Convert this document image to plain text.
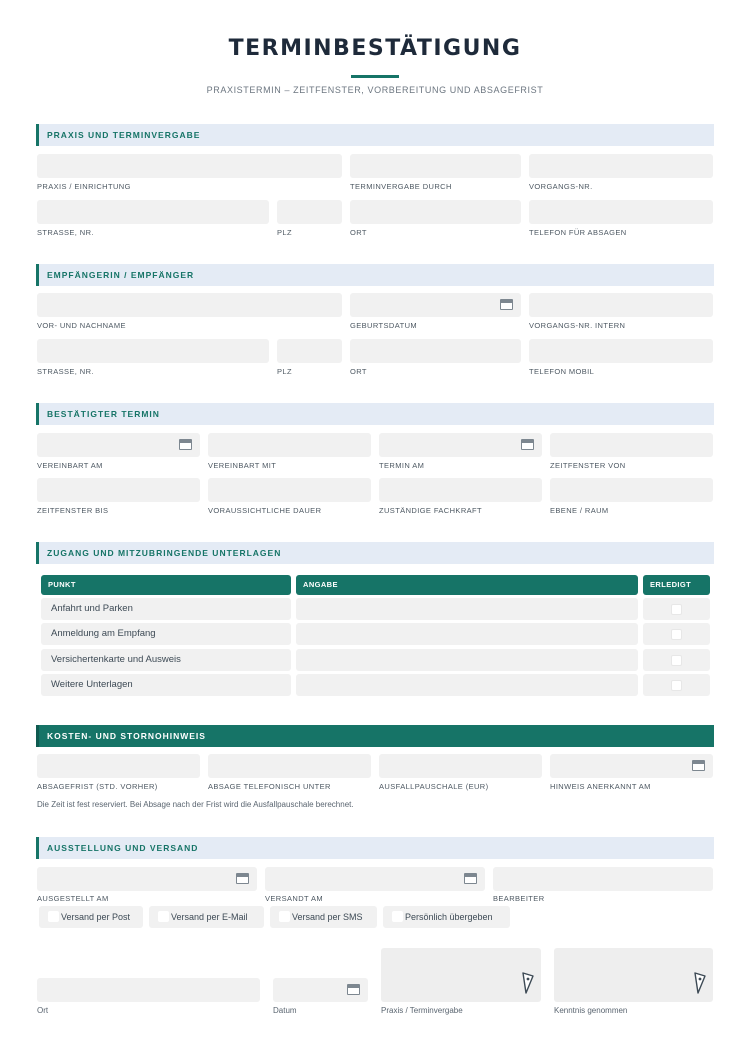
TERMINBESTÄTIGUNG
PRAXISTERMIN – ZEITFENSTER, VORBEREITUNG UND ABSAGEFRIST
PRAXIS UND TERMINVERGABE
PRAXIS / EINRICHTUNG	TERMINVERGABE DURCH	VORGANGS-NR.
STRASSE, NR.	PLZ	ORT	TELEFON FÜR ABSAGEN
EMPFÄNGERIN / EMPFÄNGER
VOR- UND NACHNAME	GEBURTSDATUM	VORGANGS-NR. INTERN
STRASSE, NR.	PLZ	ORT	TELEFON MOBIL
BESTÄTIGTER TERMIN
VEREINBART AM	VEREINBART MIT	TERMIN AM	ZEITFENSTER VON
ZEITFENSTER BIS	VORAUSSICHTLICHE DAUER	ZUSTÄNDIGE FACHKRAFT	EBENE / RAUM
ZUGANG UND MITZUBRINGENDE UNTERLAGEN
PUNKT	ANGABE	ERLEDIGT
Anfahrt und Parken
Anmeldung am Empfang
Versichertenkarte und Ausweis
Weitere Unterlagen
KOSTEN- UND STORNOHINWEIS
ABSAGEFRIST (STD. VORHER)	ABSAGE TELEFONISCH UNTER	AUSFALLPAUSCHALE (EUR)	HINWEIS ANERKANNT AM
Die Zeit ist fest reserviert. Bei Absage nach der Frist wird die Ausfallpauschale berechnet.
AUSSTELLUNG UND VERSAND
AUSGESTELLT AM	VERSANDT AM	BEARBEITER
Versand per Post	Versand per E-Mail	Versand per SMS	Persönlich übergeben
Ort	Datum	Praxis / Terminvergabe	Kenntnis genommen
